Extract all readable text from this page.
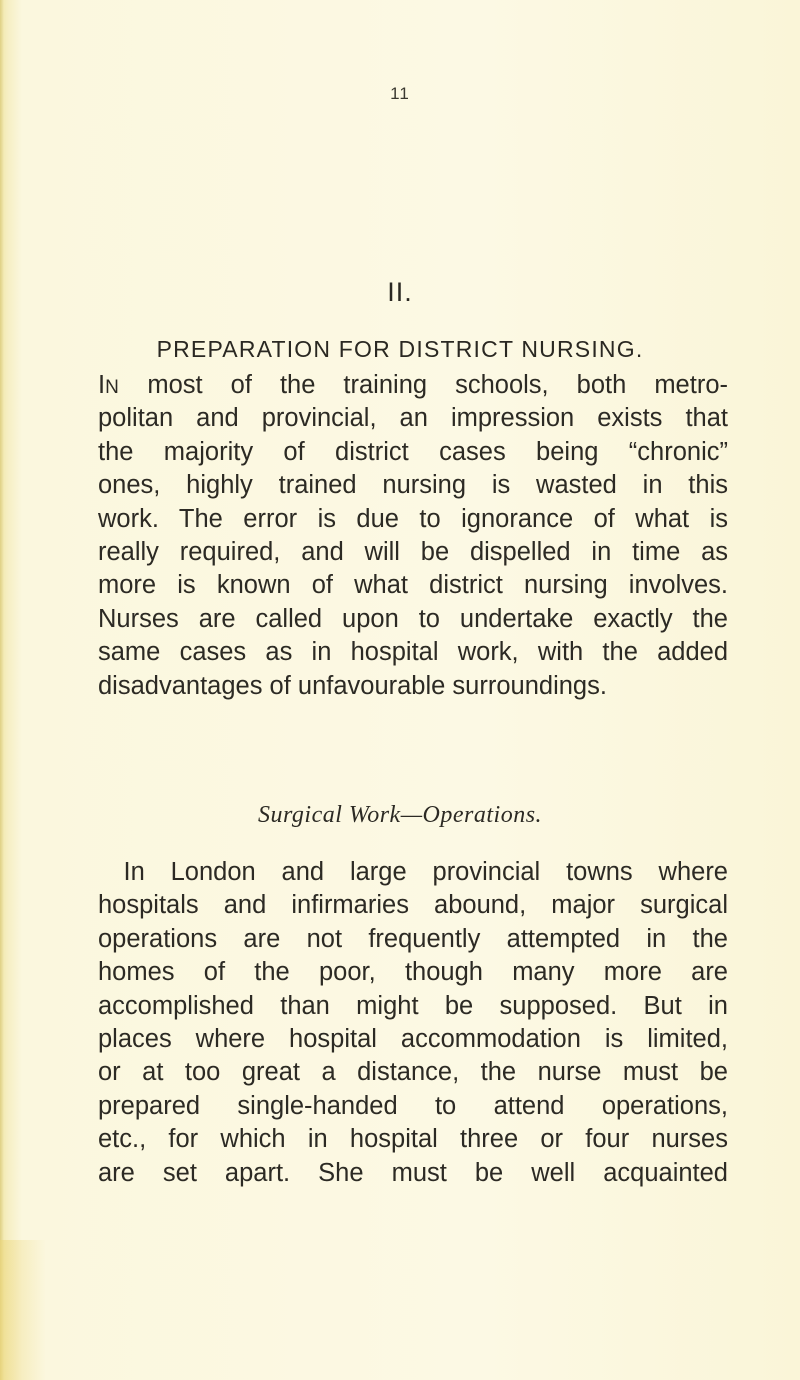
11
II.
PREPARATION FOR DISTRICT NURSING.
IN most of the training schools, both metro-
politan and provincial, an impression exists that
the majority of district cases being “chronic”
ones, highly trained nursing is wasted in this
work. The error is due to ignorance of what is
really required, and will be dispelled in time as
more is known of what district nursing involves.
Nurses are called upon to undertake exactly the
same cases as in hospital work, with the added
disadvantages of unfavourable surroundings.
Surgical Work—Operations.
 In London and large provincial towns where
hospitals and infirmaries abound, major surgical
operations are not frequently attempted in the
homes of the poor, though many more are
accomplished than might be supposed. But in
places where hospital accommodation is limited,
or at too great a distance, the nurse must be
prepared single-handed to attend operations,
etc., for which in hospital three or four nurses
are set apart. She must be well acquainted
